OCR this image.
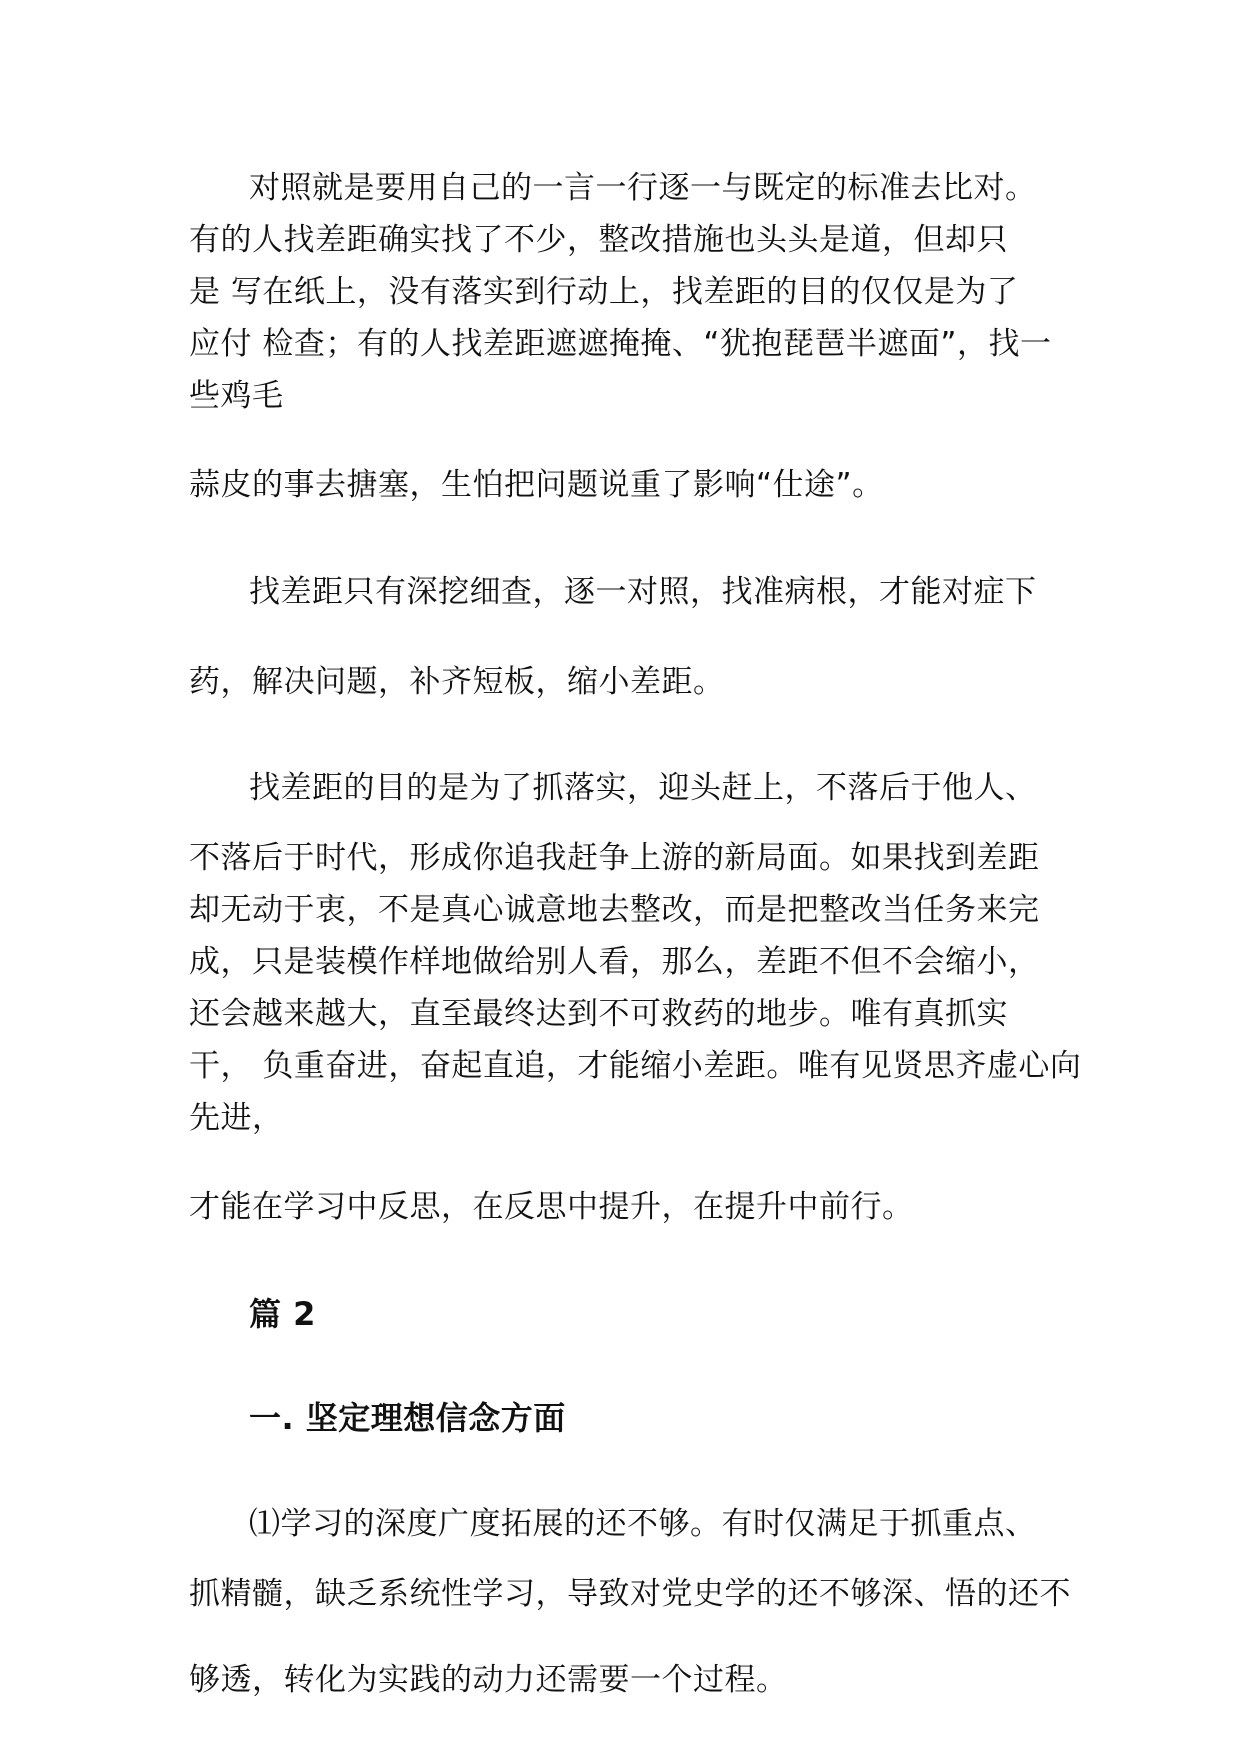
对照就是要用自己的一言一行逐一与既定的标准去比对。
有的人找差距确实找了不少，整改措施也头头是道，但却只
是 写在纸上，没有落实到行动上，找差距的目的仅仅是为了
应付 检查；有的人找差距遮遮掩掩、“犹抱琵琶半遮面”，找一
些鸡毛
蒜皮的事去搪塞，生怕把问题说重了影响“仕途”。
找差距只有深挖细查，逐一对照，找准病根，才能对症下
药，解决问题，补齐短板，缩小差距。
找差距的目的是为了抓落实，迎头赶上，不落后于他人、
不落后于时代，形成你追我赶争上游的新局面。如果找到差距
却无动于衷，不是真心诚意地去整改，而是把整改当任务来完
成，只是装模作样地做给别人看，那么，差距不但不会缩小，
还会越来越大，直至最终达到不可救药的地步。唯有真抓实
干， 负重奋进，奋起直追，才能缩小差距。唯有见贤思齐虚心向
先进，
才能在学习中反思，在反思中提升，在提升中前行。
篇 2
一. 坚定理想信念方面
⑴学习的深度广度拓展的还不够。有时仅满足于抓重点、
抓精髓，缺乏系统性学习，导致对党史学的还不够深、悟的还不
够透，转化为实践的动力还需要一个过程。
